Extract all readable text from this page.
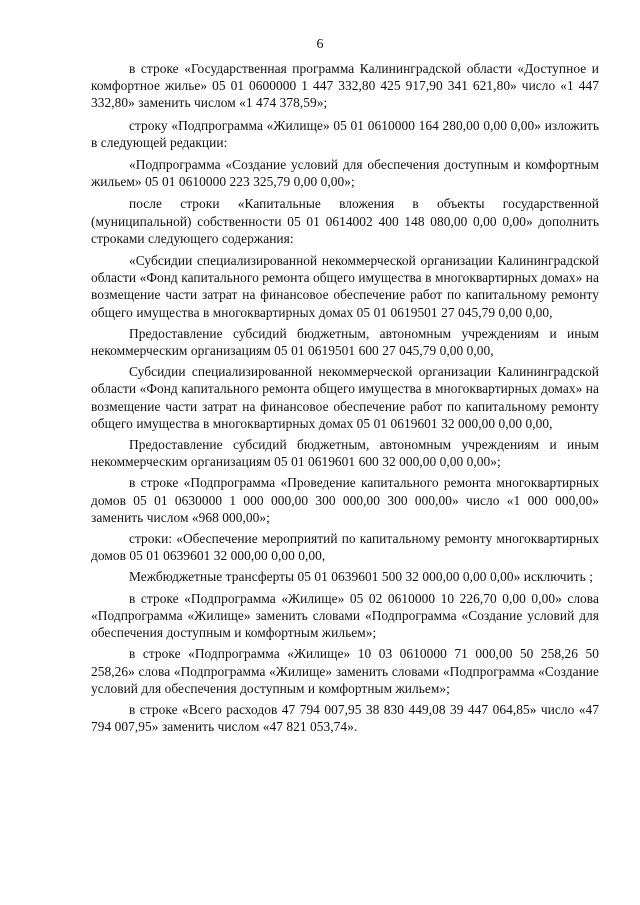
6

в строке «Государственная программа Калининградской области «Доступное и комфортное жилье» 05 01 0600000 1 447 332,80 425 917,90 341 621,80» число «1 447 332,80» заменить числом «1 474 378,59»;

строку «Подпрограмма «Жилище» 05 01 0610000 164 280,00 0,00 0,00» изложить в следующей редакции:

«Подпрограмма «Создание условий для обеспечения доступным и комфортным жильем» 05 01 0610000 223 325,79 0,00 0,00»;

после строки «Капитальные вложения в объекты государственной (муниципальной) собственности 05 01 0614002 400 148 080,00 0,00 0,00» дополнить строками следующего содержания:

«Субсидии специализированной некоммерческой организации Калининградской области «Фонд капитального ремонта общего имущества в многоквартирных домах» на возмещение части затрат на финансовое обеспечение работ по капитальному ремонту общего имущества в многоквартирных домах 05 01 0619501 27 045,79 0,00 0,00,

Предоставление субсидий бюджетным, автономным учреждениям и иным некоммерческим организациям 05 01 0619501 600 27 045,79 0,00 0,00,

Субсидии специализированной некоммерческой организации Калининградской области «Фонд капитального ремонта общего имущества в многоквартирных домах» на возмещение части затрат на финансовое обеспечение работ по капитальному ремонту общего имущества в многоквартирных домах 05 01 0619601 32 000,00 0,00 0,00,

Предоставление субсидий бюджетным, автономным учреждениям и иным некоммерческим организациям 05 01 0619601 600 32 000,00 0,00 0,00»;

в строке «Подпрограмма «Проведение капитального ремонта многоквартирных домов 05 01 0630000 1 000 000,00 300 000,00 300 000,00» число «1 000 000,00» заменить числом «968 000,00»;

строки: «Обеспечение мероприятий по капитальному ремонту многоквартирных домов 05 01 0639601 32 000,00 0,00 0,00,

Межбюджетные трансферты 05 01 0639601 500 32 000,00 0,00 0,00» исключить ;

в строке «Подпрограмма «Жилище» 05 02 0610000 10 226,70 0,00 0,00» слова «Подпрограмма «Жилище» заменить словами «Подпрограмма «Создание условий для обеспечения доступным и комфортным жильем»;

в строке «Подпрограмма «Жилище» 10 03 0610000 71 000,00 50 258,26 50 258,26» слова «Подпрограмма «Жилище» заменить словами «Подпрограмма «Создание условий для обеспечения доступным и комфортным жильем»;

в строке «Всего расходов 47 794 007,95 38 830 449,08 39 447 064,85» число «47 794 007,95» заменить числом «47 821 053,74».
